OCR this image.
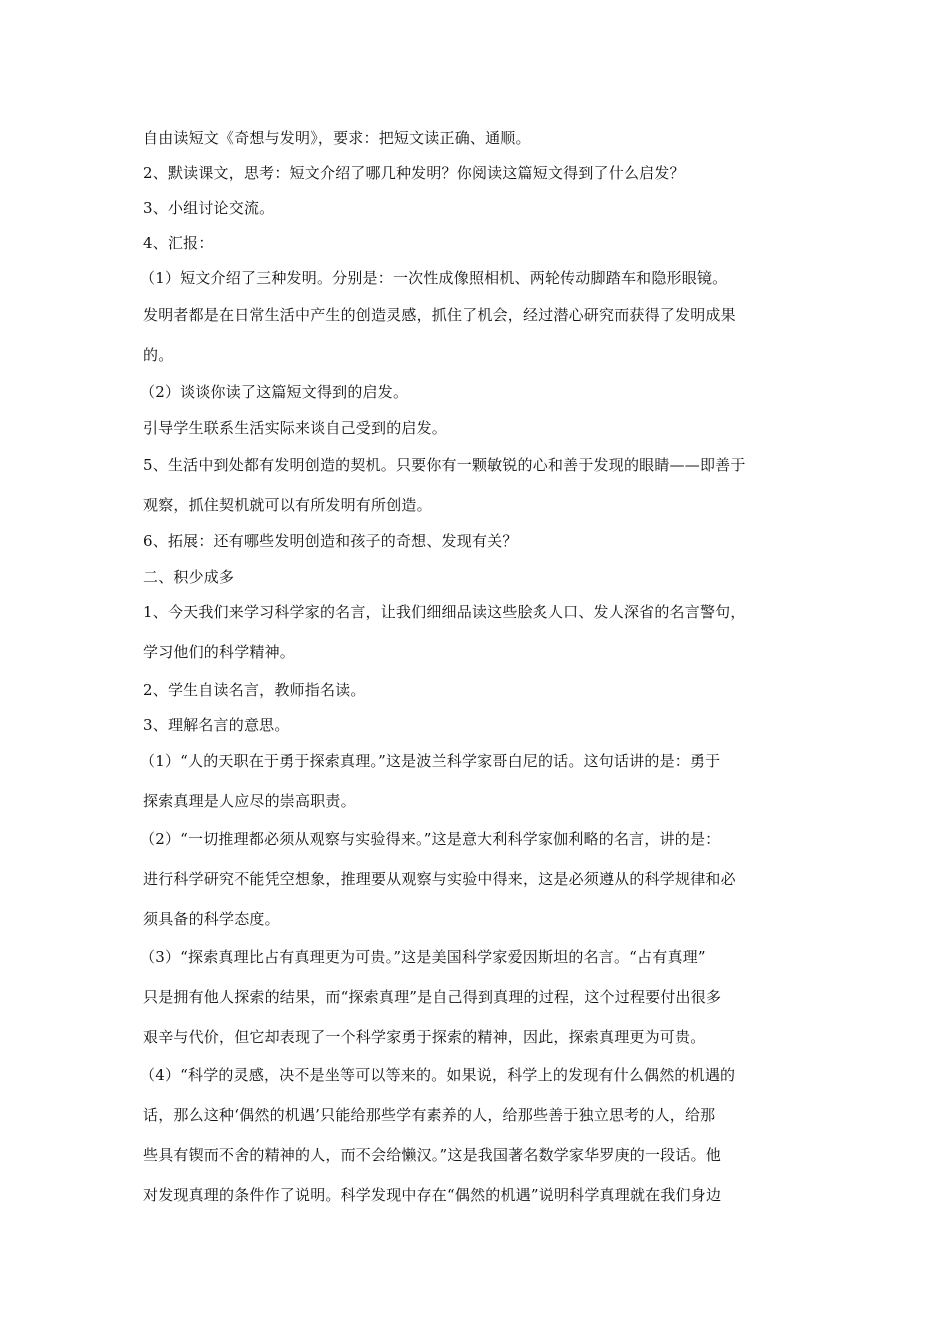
自由读短文《奇想与发明》，要求：把短文读正确、通顺。
2、默读课文，思考：短文介绍了哪几种发明？你阅读这篇短文得到了什么启发？
3、小组讨论交流。
4、汇报：
（1）短文介绍了三种发明。分别是：一次性成像照相机、两轮传动脚踏车和隐形眼镜。
发明者都是在日常生活中产生的创造灵感，抓住了机会，经过潜心研究而获得了发明成果
的。
（2）谈谈你读了这篇短文得到的启发。
引导学生联系生活实际来谈自己受到的启发。
5、生活中到处都有发明创造的契机。只要你有一颗敏锐的心和善于发现的眼睛——即善于
观察，抓住契机就可以有所发明有所创造。
6、拓展：还有哪些发明创造和孩子的奇想、发现有关？
二、积少成多
1、今天我们来学习科学家的名言，让我们细细品读这些脍炙人口、发人深省的名言警句，
学习他们的科学精神。
2、学生自读名言，教师指名读。
3、理解名言的意思。
（1）“人的天职在于勇于探索真理。”这是波兰科学家哥白尼的话。这句话讲的是：勇于
探索真理是人应尽的崇高职责。
（2）“一切推理都必须从观察与实验得来。”这是意大利科学家伽利略的名言，讲的是：
进行科学研究不能凭空想象，推理要从观察与实验中得来，这是必须遵从的科学规律和必
须具备的科学态度。
（3）“探索真理比占有真理更为可贵。”这是美国科学家爱因斯坦的名言。“占有真理”
只是拥有他人探索的结果，而“探索真理”是自己得到真理的过程，这个过程要付出很多
艰辛与代价，但它却表现了一个科学家勇于探索的精神，因此，探索真理更为可贵。
（4）“科学的灵感，决不是坐等可以等来的。如果说，科学上的发现有什么偶然的机遇的
话，那么这种‘偶然的机遇’只能给那些学有素养的人，给那些善于独立思考的人，给那
些具有锲而不舍的精神的人，而不会给懒汉。”这是我国著名数学家华罗庚的一段话。他
对发现真理的条件作了说明。科学发现中存在“偶然的机遇”说明科学真理就在我们身边
